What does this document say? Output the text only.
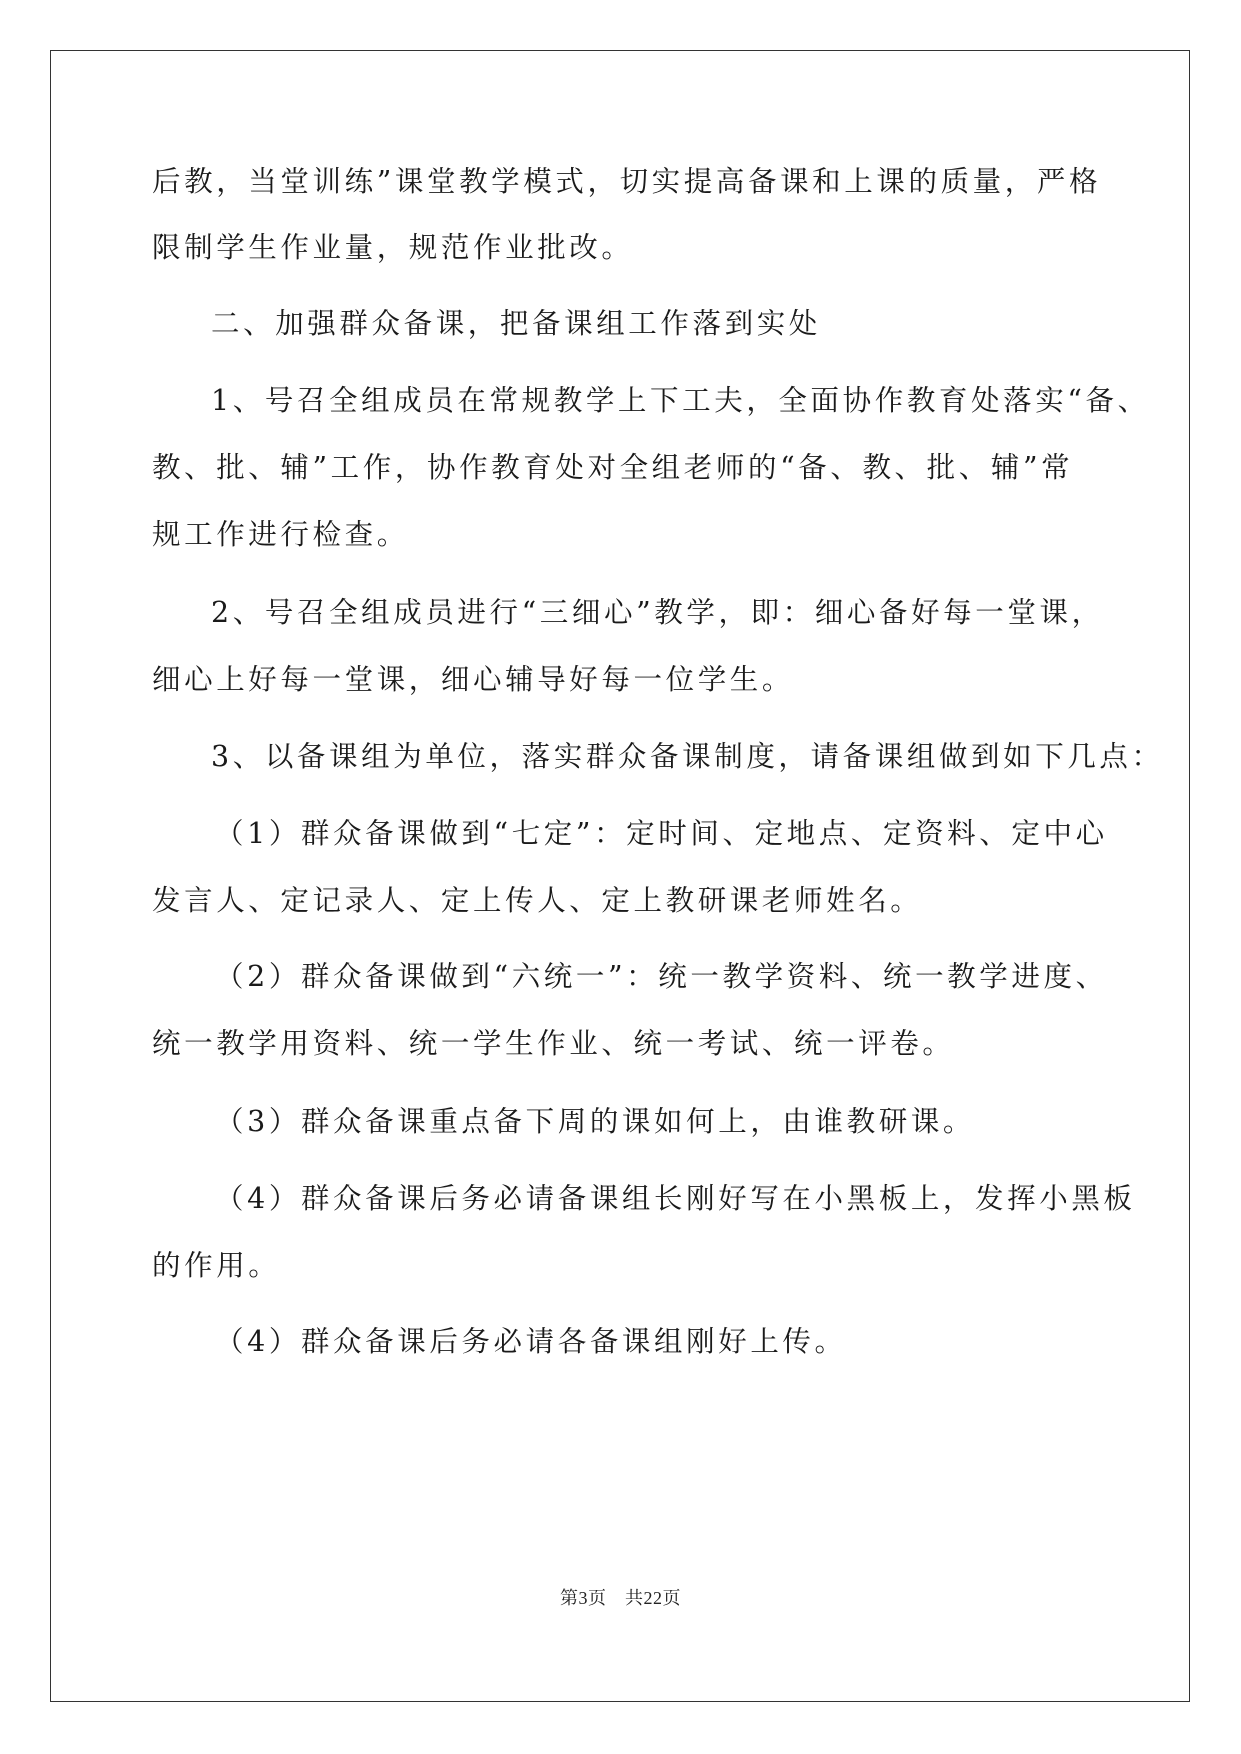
后教，当堂训练”课堂教学模式，切实提高备课和上课的质量，严格
限制学生作业量，规范作业批改。
二、加强群众备课，把备课组工作落到实处
1、号召全组成员在常规教学上下工夫，全面协作教育处落实“备、
教、批、辅”工作，协作教育处对全组老师的“备、教、批、辅”常
规工作进行检查。
2、号召全组成员进行“三细心”教学，即：细心备好每一堂课，
细心上好每一堂课，细心辅导好每一位学生。
3、以备课组为单位，落实群众备课制度，请备课组做到如下几点：
（1）群众备课做到“七定”：定时间、定地点、定资料、定中心
发言人、定记录人、定上传人、定上教研课老师姓名。
（2）群众备课做到“六统一”：统一教学资料、统一教学进度、
统一教学用资料、统一学生作业、统一考试、统一评卷。
（3）群众备课重点备下周的课如何上，由谁教研课。
（4）群众备课后务必请备课组长刚好写在小黑板上，发挥小黑板
的作用。
（4）群众备课后务必请各备课组刚好上传。
第3页　共22页
